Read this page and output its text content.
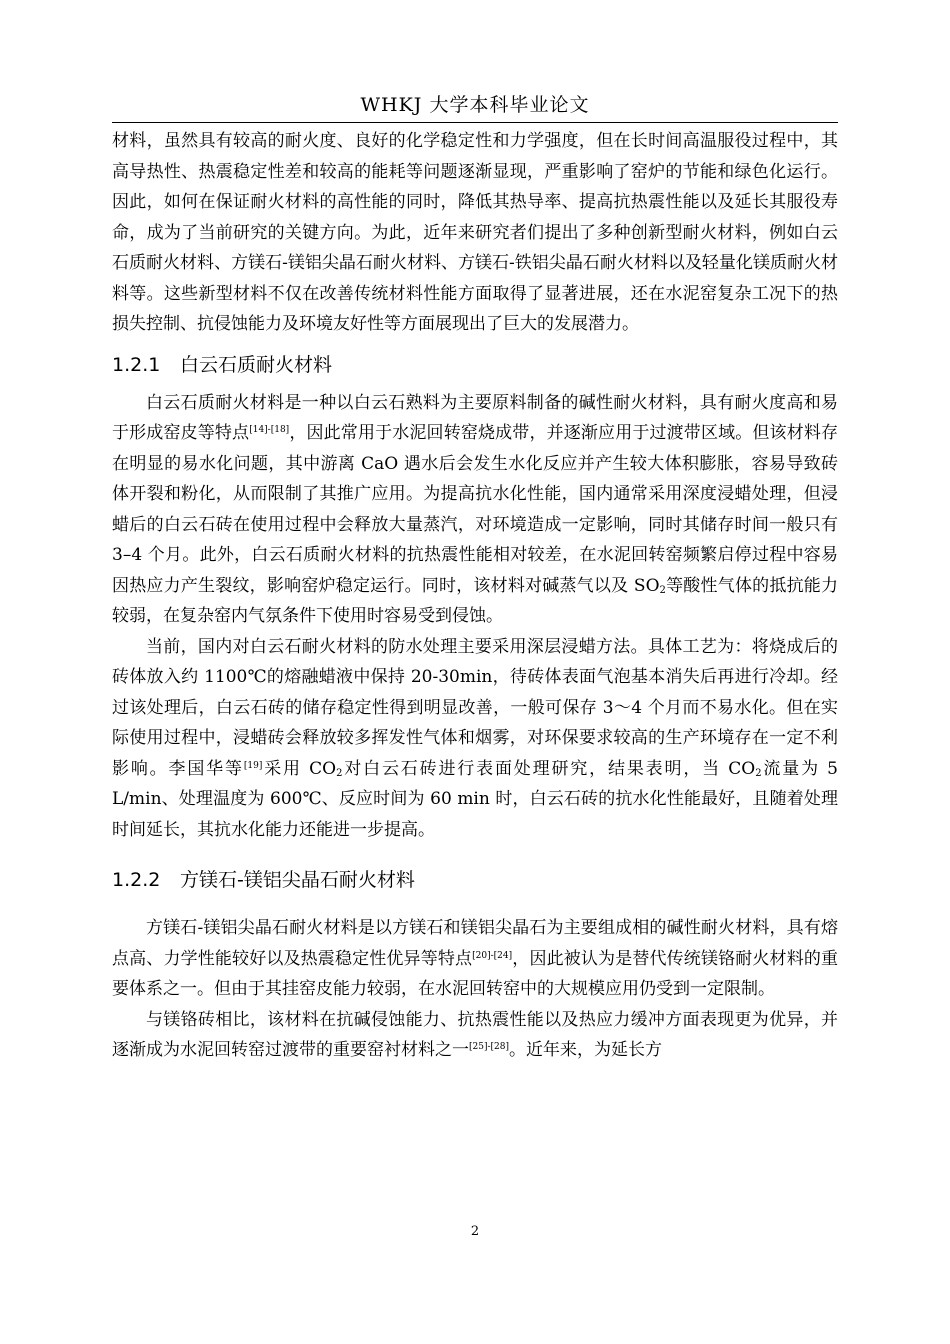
WHKJ 大学本科毕业论文

材料，虽然具有较高的耐火度、良好的化学稳定性和力学强度，但在长时间高温服役过程中，其高导热性、热震稳定性差和较高的能耗等问题逐渐显现，严重影响了窑炉的节能和绿色化运行。因此，如何在保证耐火材料的高性能的同时，降低其热导率、提高抗热震性能以及延长其服役寿命，成为了当前研究的关键方向。为此，近年来研究者们提出了多种创新型耐火材料，例如白云石质耐火材料、方镁石-镁铝尖晶石耐火材料、方镁石-铁铝尖晶石耐火材料以及轻量化镁质耐火材料等。这些新型材料不仅在改善传统材料性能方面取得了显著进展，还在水泥窑复杂工况下的热损失控制、抗侵蚀能力及环境友好性等方面展现出了巨大的发展潜力。

1.2.1 白云石质耐火材料

白云石质耐火材料是一种以白云石熟料为主要原料制备的碱性耐火材料，具有耐火度高和易于形成窑皮等特点[14]-[18]，因此常用于水泥回转窑烧成带，并逐渐应用于过渡带区域。但该材料存在明显的易水化问题，其中游离 CaO 遇水后会发生水化反应并产生较大体积膨胀，容易导致砖体开裂和粉化，从而限制了其推广应用。为提高抗水化性能，国内通常采用深度浸蜡处理，但浸蜡后的白云石砖在使用过程中会释放大量蒸汽，对环境造成一定影响，同时其储存时间一般只有 3–4 个月。此外，白云石质耐火材料的抗热震性能相对较差，在水泥回转窑频繁启停过程中容易因热应力产生裂纹，影响窑炉稳定运行。同时，该材料对碱蒸气以及 $SO_2$等酸性气体的抵抗能力较弱，在复杂窑内气氛条件下使用时容易受到侵蚀。

当前，国内对白云石耐火材料的防水处理主要采用深层浸蜡方法。具体工艺为：将烧成后的砖体放入约 1100℃的熔融蜡液中保持 20-30min，待砖体表面气泡基本消失后再进行冷却。经过该处理后，白云石砖的储存稳定性得到明显改善，一般可保存 3～4 个月而不易水化。但在实际使用过程中，浸蜡砖会释放较多挥发性气体和烟雾，对环保要求较高的生产环境存在一定不利影响。李国华等[19]采用 $CO_2$对白云石砖进行表面处理研究，结果表明，当 $CO_2$流量为 5 L/min、处理温度为 600℃、反应时间为 60 min 时，白云石砖的抗水化性能最好，且随着处理时间延长，其抗水化能力还能进一步提高。

1.2.2 方镁石-镁铝尖晶石耐火材料

方镁石-镁铝尖晶石耐火材料是以方镁石和镁铝尖晶石为主要组成相的碱性耐火材料，具有熔点高、力学性能较好以及热震稳定性优异等特点[20]-[24]，因此被认为是替代传统镁铬耐火材料的重要体系之一。但由于其挂窑皮能力较弱，在水泥回转窑中的大规模应用仍受到一定限制。

与镁铬砖相比，该材料在抗碱侵蚀能力、抗热震性能以及热应力缓冲方面表现更为优异，并逐渐成为水泥回转窑过渡带的重要窑衬材料之一[25]-[28]。近年来，为延长方

2
